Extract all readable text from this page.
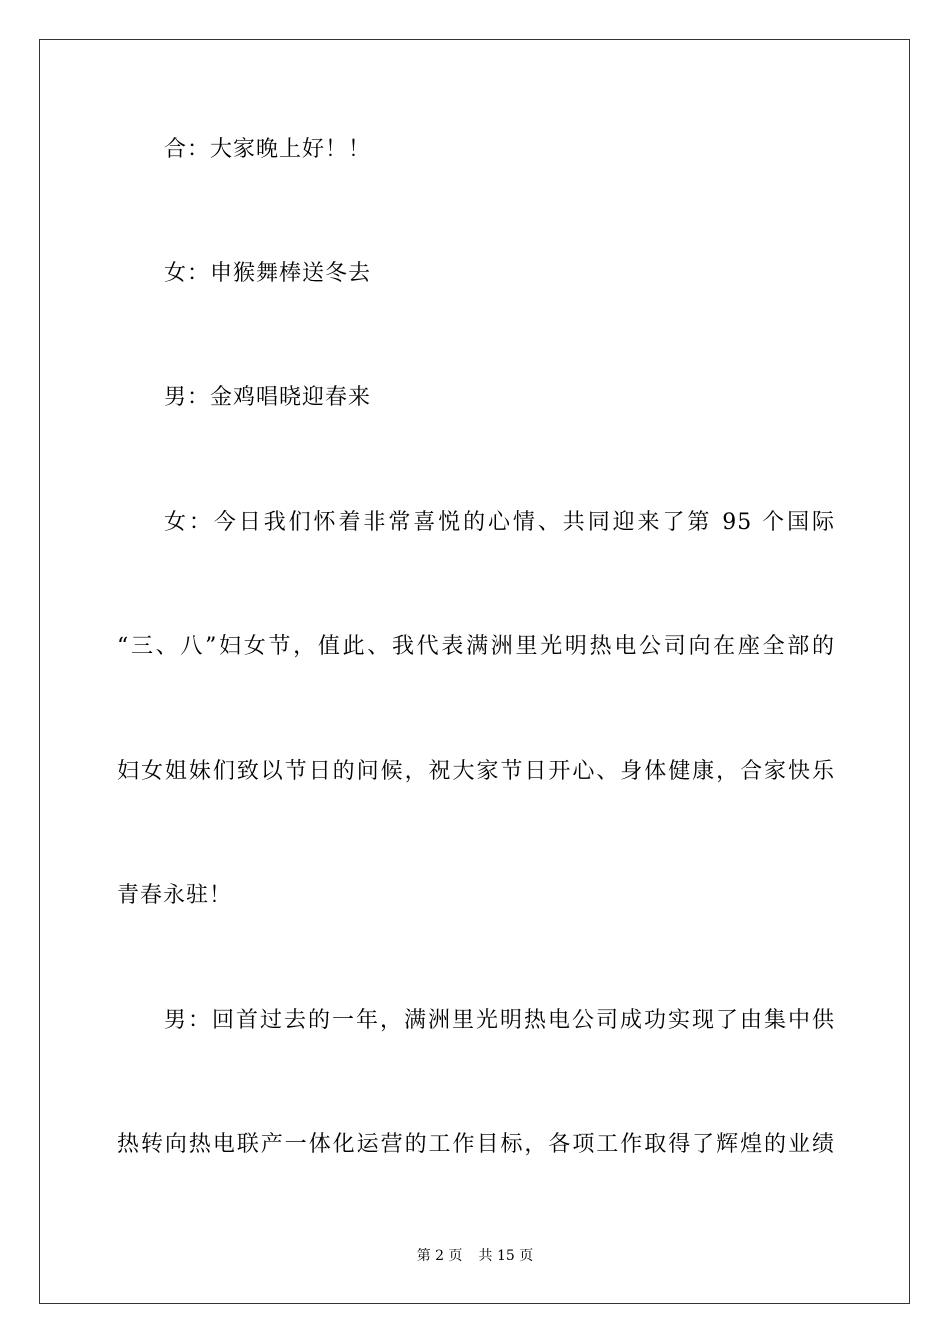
合：大家晚上好！！
女：申猴舞棒送冬去
男：金鸡唱晓迎春来
女：今日我们怀着非常喜悦的心情、共同迎来了第 95 个国际
“三、八”妇女节，值此、我代表满洲里光明热电公司向在座全部的
妇女姐妹们致以节日的问候，祝大家节日开心、身体健康，合家快乐
青春永驻！
男：回首过去的一年，满洲里光明热电公司成功实现了由集中供
热转向热电联产一体化运营的工作目标，各项工作取得了辉煌的业绩
第 2 页 共 15 页
